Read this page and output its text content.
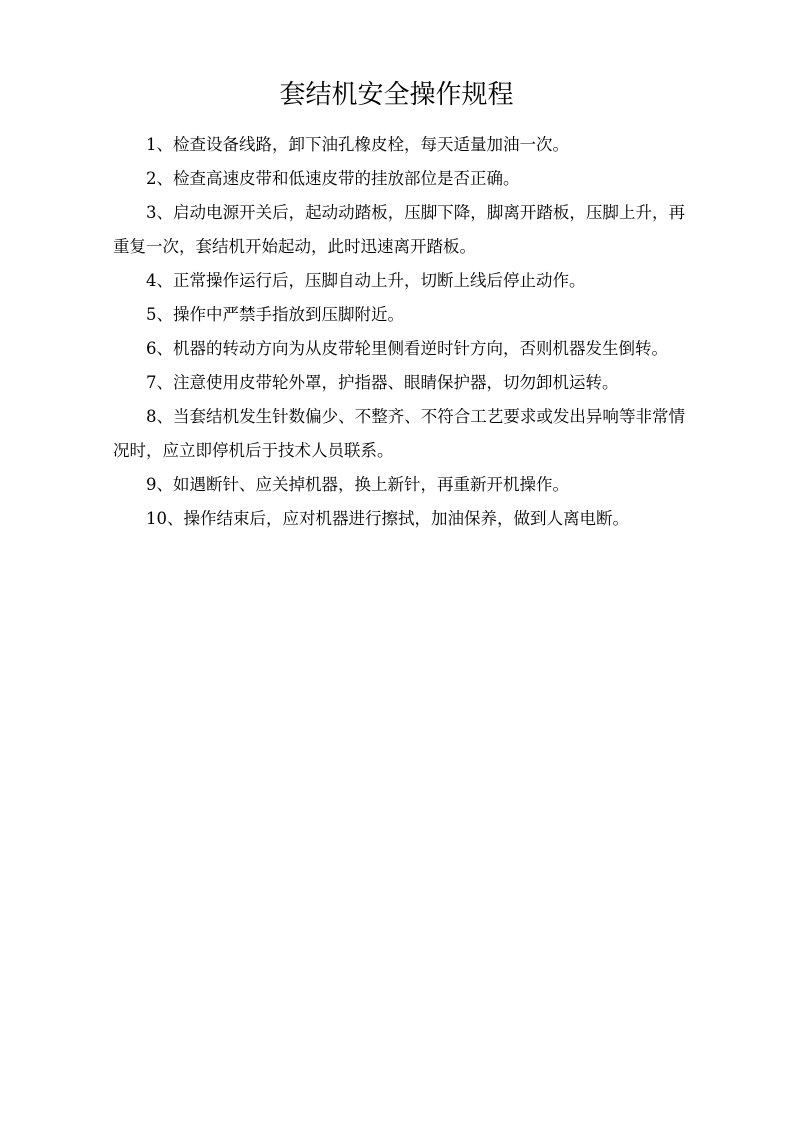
套结机安全操作规程

1、检查设备线路，卸下油孔橡皮栓，每天适量加油一次。

2、检查高速皮带和低速皮带的挂放部位是否正确。

3、启动电源开关后，起动动踏板，压脚下降，脚离开踏板，压脚上升，再重复一次，套结机开始起动，此时迅速离开踏板。

4、正常操作运行后，压脚自动上升，切断上线后停止动作。

5、操作中严禁手指放到压脚附近。

6、机器的转动方向为从皮带轮里侧看逆时针方向，否则机器发生倒转。

7、注意使用皮带轮外罩，护指器、眼睛保护器，切勿卸机运转。

8、当套结机发生针数偏少、不整齐、不符合工艺要求或发出异响等非常情况时，应立即停机后于技术人员联系。

9、如遇断针、应关掉机器，换上新针，再重新开机操作。

10、操作结束后，应对机器进行擦拭，加油保养，做到人离电断。
